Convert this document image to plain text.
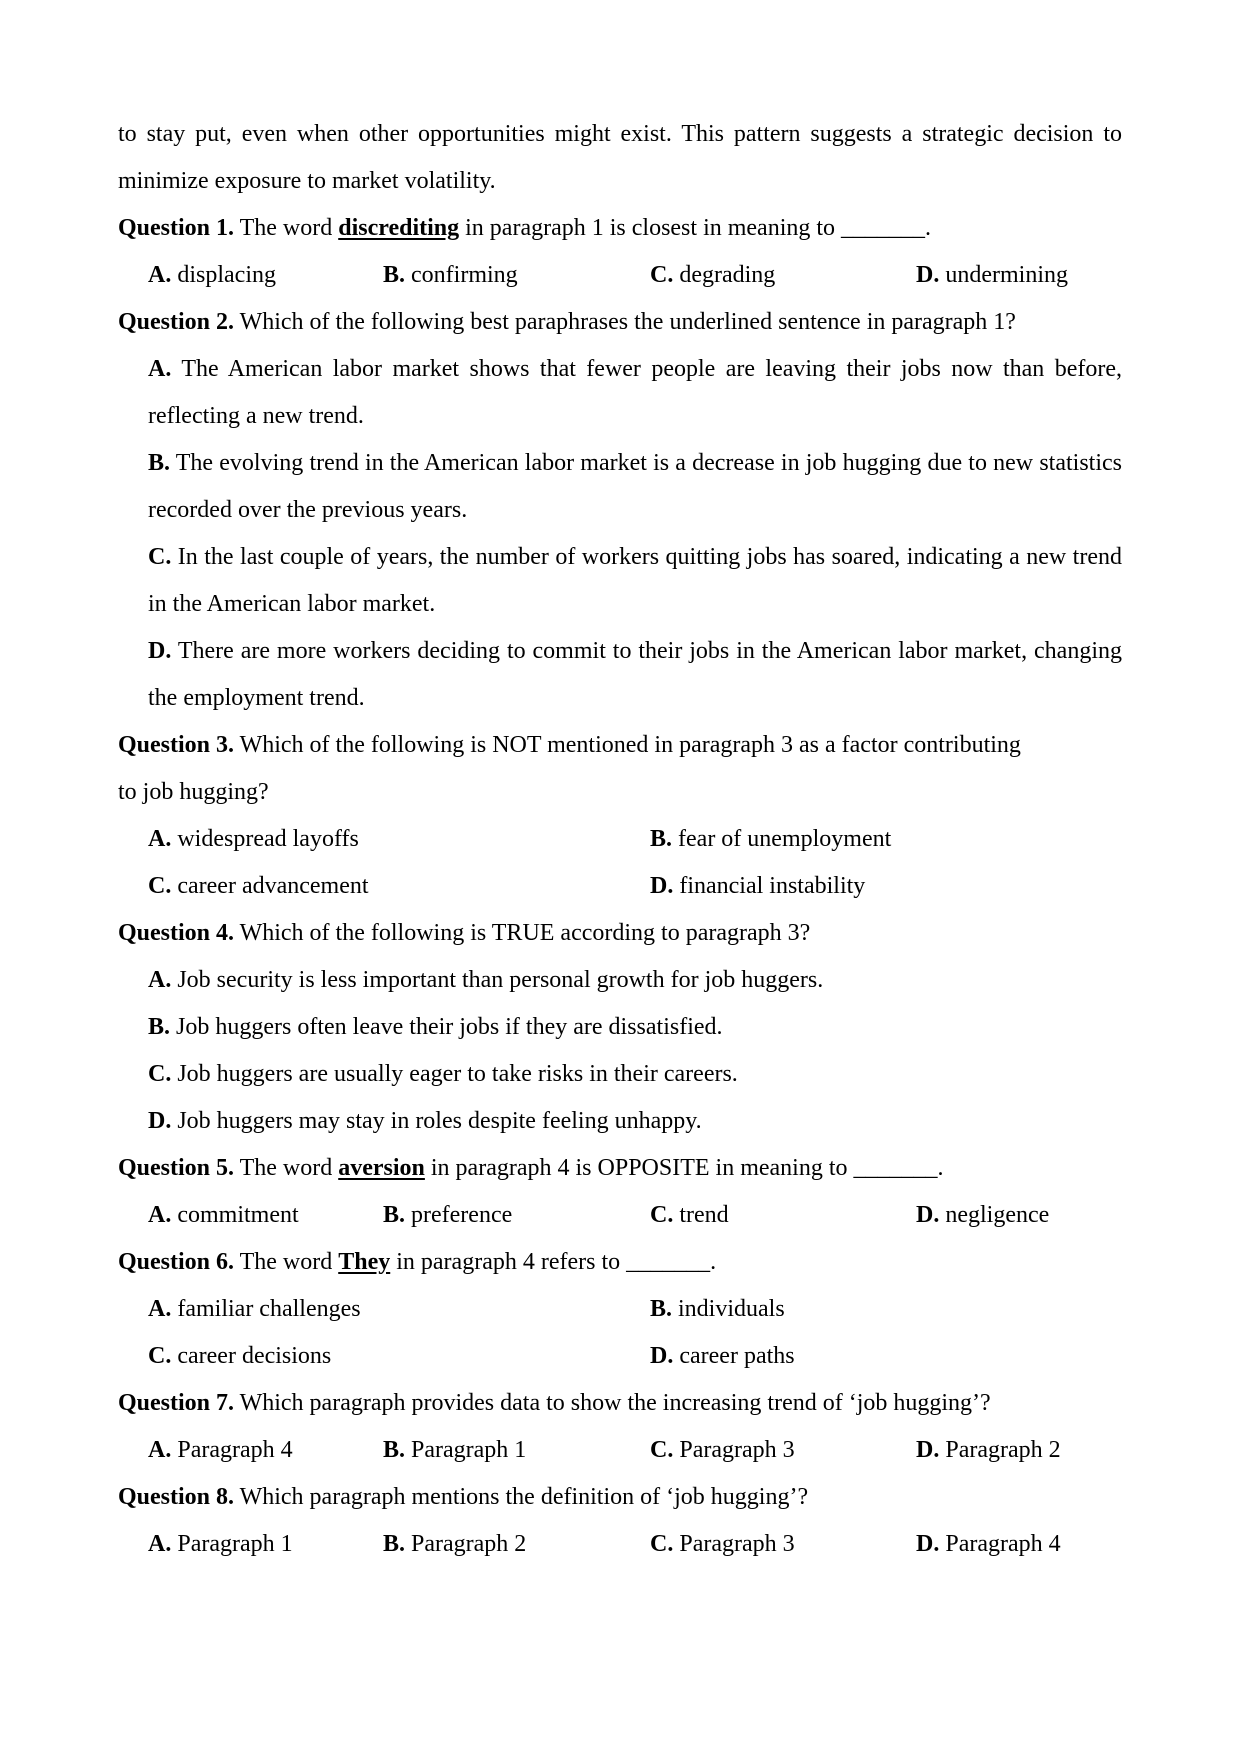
to stay put, even when other opportunities might exist. This pattern suggests a strategic decision to minimize exposure to market volatility.
Question 1. The word discrediting in paragraph 1 is closest in meaning to _______.
A. displacing	B. confirming	C. degrading	D. undermining
Question 2. Which of the following best paraphrases the underlined sentence in paragraph 1?
A. The American labor market shows that fewer people are leaving their jobs now than before, reflecting a new trend.
B. The evolving trend in the American labor market is a decrease in job hugging due to new statistics recorded over the previous years.
C. In the last couple of years, the number of workers quitting jobs has soared, indicating a new trend in the American labor market.
D. There are more workers deciding to commit to their jobs in the American labor market, changing the employment trend.
Question 3. Which of the following is NOT mentioned in paragraph 3 as a factor contributing
to job hugging?
A. widespread layoffs	B. fear of unemployment
C. career advancement	D. financial instability
Question 4. Which of the following is TRUE according to paragraph 3?
A. Job security is less important than personal growth for job huggers.
B. Job huggers often leave their jobs if they are dissatisfied.
C. Job huggers are usually eager to take risks in their careers.
D. Job huggers may stay in roles despite feeling unhappy.
Question 5. The word aversion in paragraph 4 is OPPOSITE in meaning to _______.
A. commitment	B. preference	C. trend	D. negligence
Question 6. The word They in paragraph 4 refers to _______.
A. familiar challenges	B. individuals
C. career decisions	D. career paths
Question 7. Which paragraph provides data to show the increasing trend of ‘job hugging’?
A. Paragraph 4	B. Paragraph 1	C. Paragraph 3	D. Paragraph 2
Question 8. Which paragraph mentions the definition of ‘job hugging’?
A. Paragraph 1	B. Paragraph 2	C. Paragraph 3	D. Paragraph 4
